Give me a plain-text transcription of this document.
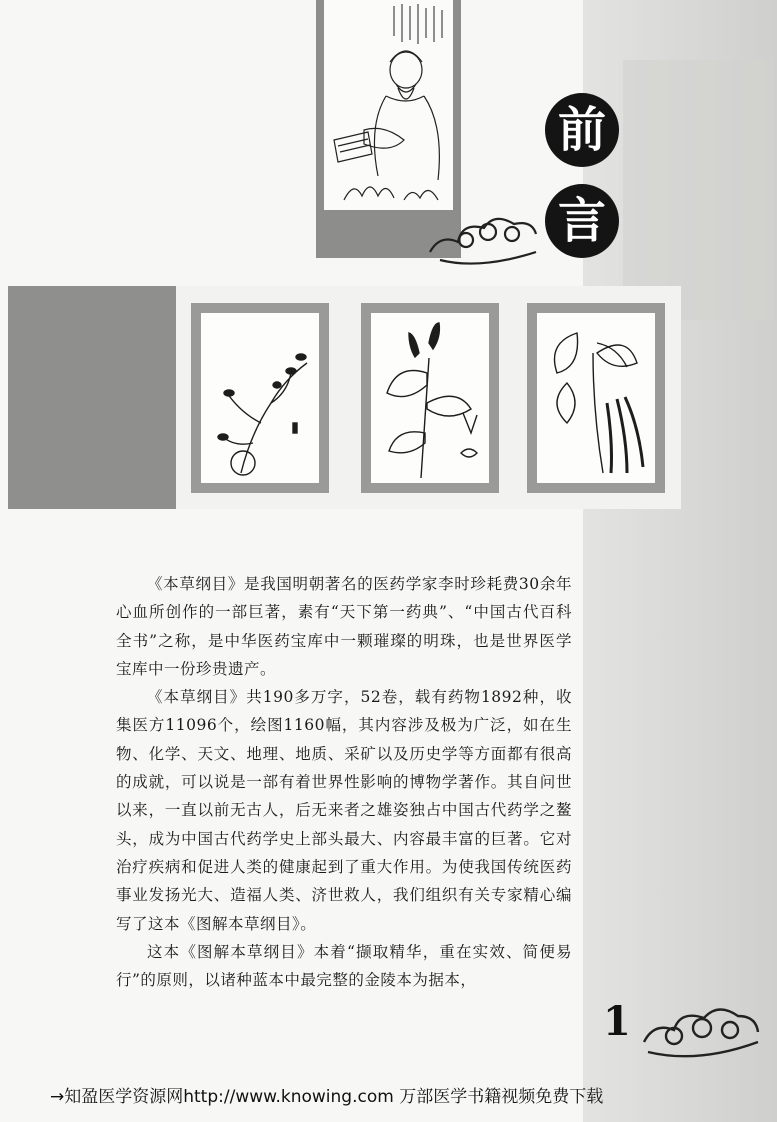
前
言

《本草纲目》是我国明朝著名的医药学家李时珍耗费30余年心血所创作的一部巨著，素有“天下第一药典”、“中国古代百科全书”之称，是中华医药宝库中一颗璀璨的明珠，也是世界医学宝库中一份珍贵遗产。

《本草纲目》共190多万字，52卷，载有药物1892种，收集医方11096个，绘图1160幅，其内容涉及极为广泛，如在生物、化学、天文、地理、地质、采矿以及历史学等方面都有很高的成就，可以说是一部有着世界性影响的博物学著作。其自问世以来，一直以前无古人，后无来者之雄姿独占中国古代药学之鳌头，成为中国古代药学史上部头最大、内容最丰富的巨著。它对治疗疾病和促进人类的健康起到了重大作用。为使我国传统医药事业发扬光大、造福人类、济世救人，我们组织有关专家精心编写了这本《图解本草纲目》。

这本《图解本草纲目》本着“撷取精华，重在实效、简便易行”的原则，以诸种蓝本中最完整的金陵本为据本，

1
→知盈医学资源网http://www.knowing.com 万部医学书籍视频免费下载
